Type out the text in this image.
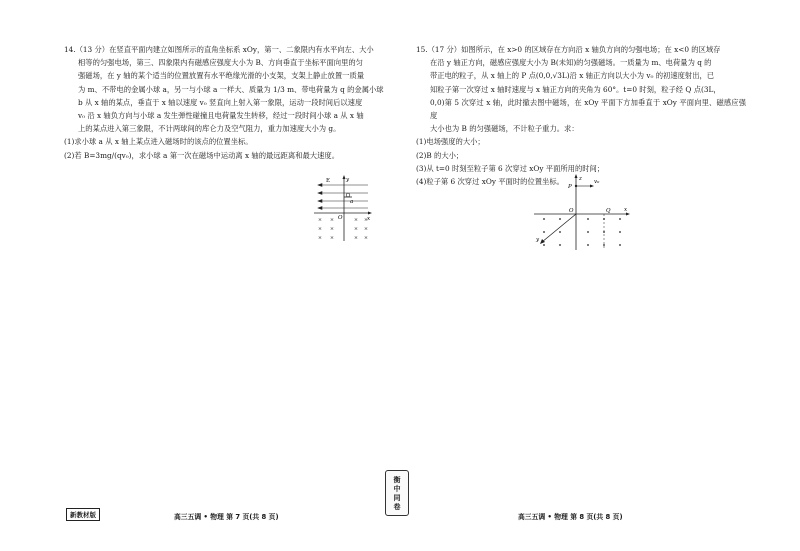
14.（13 分）在竖直平面内建立如图所示的直角坐标系 xOy，第一、二象限内有水平向左、大小

相等的匀强电场，第三、四象限内有磁感应强度大小为 B、方向垂直于坐标平面向里的匀

强磁场，在 y 轴的某个适当的位置放置有水平绝缘光滑的小支架，支架上静止放置一质量

为 m、不带电的金属小球 a，另一与小球 a 一样大、质量为 1/3 m、带电荷量为 q 的金属小球

b 从 x 轴的某点，垂直于 x 轴以速度 v₀ 竖直向上射入第一象限，运动一段时间后以速度

v₀ 沿 x 轴负方向与小球 a 发生弹性碰撞且电荷量发生转移，经过一段时间小球 a 从 x 轴

上的某点进入第三象限，不计两球间的库仑力及空气阻力，重力加速度大小为 g。

(1)求小球 a 从 x 轴上某点进入磁场时的该点的位置坐标。

(2)若 B=3mg/(qv₀)，求小球 a 第一次在磁场中运动离 x 轴的最远距离和最大速度。

× ×	× ×
× ×	× ×
× ×	× ×
E	y
a
O	x

15.（17 分）如图所示，在 x>0 的区域存在方向沿 x 轴负方向的匀强电场；在 x<0 的区域存

在沿 y 轴正方向，磁感应强度大小为 B(未知)的匀强磁场。一质量为 m、电荷量为 q 的

带正电的粒子，从 x 轴上的 P 点(0,0,√3L)沿 x 轴正方向以大小为 v₀ 的初速度射出，已

知粒子第一次穿过 x 轴时速度与 x 轴正方向的夹角为 60°。t=0 时刻，粒子经 Q 点(3L，

0,0)第 5 次穿过 x 轴，此时撤去图中磁场，在 xOy 平面下方加垂直于 xOy 平面向里、磁感应强度

大小也为 B 的匀强磁场，不计粒子重力。求：

(1)电场强度的大小；

(2)B 的大小；

(3)从 t=0 时刻至粒子第 6 次穿过 xOy 平面所用的时间；

(4)粒子第 6 次穿过 xOy 平面时的位置坐标。

P
v₀
z
O	x
y
Q
新教材版	高三五调 • 物理 第 7 页(共 8 页)	高三五调 • 物理 第 8 页(共 8 页)
衡
中
同
卷
